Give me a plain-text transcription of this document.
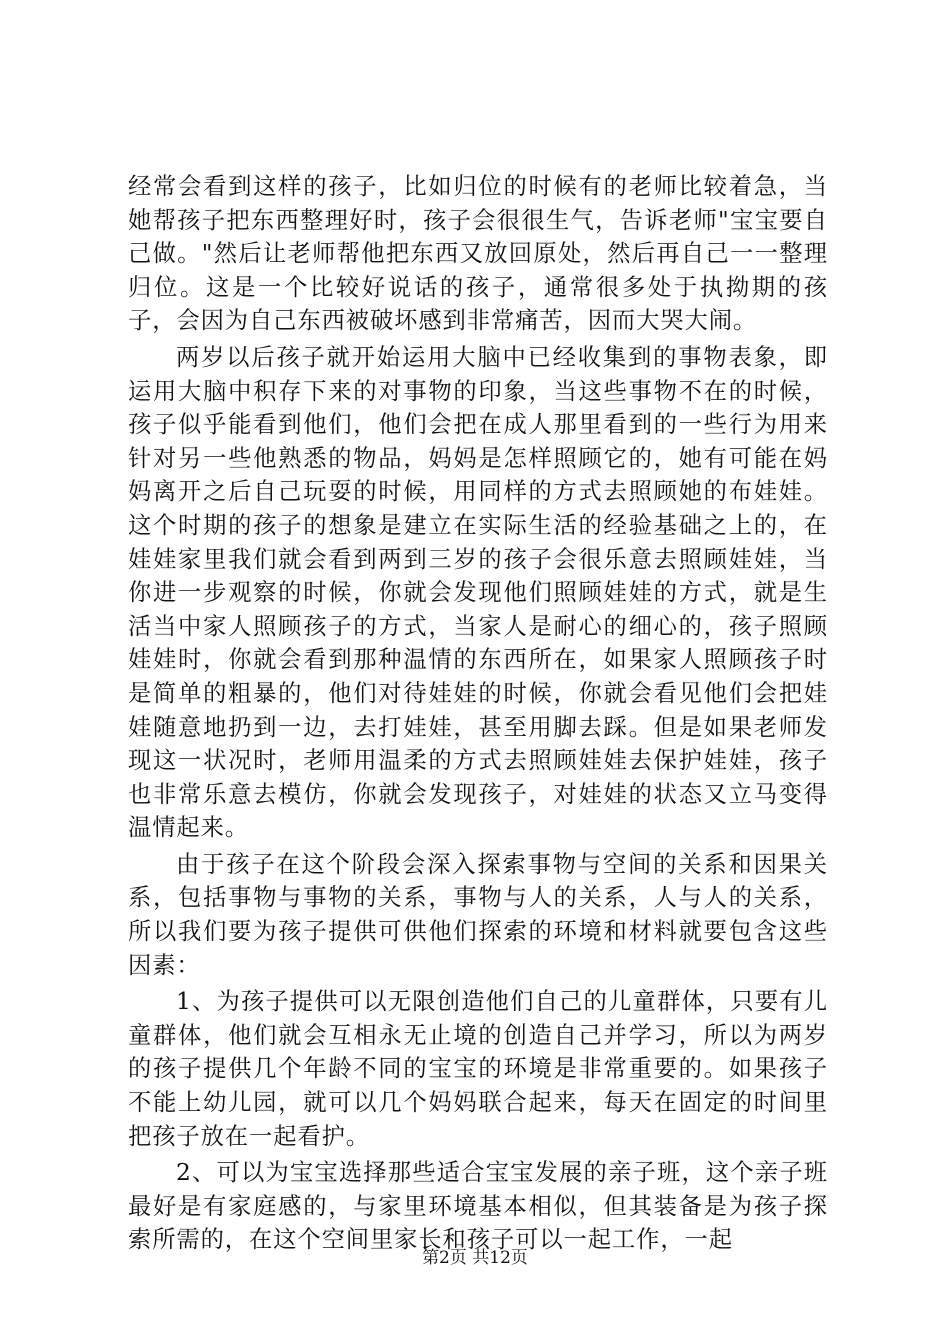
经常会看到这样的孩子，比如归位的时候有的老师比较着急，当她帮孩子把东西整理好时，孩子会很很生气，告诉老师"宝宝要自己做。"然后让老师帮他把东西又放回原处，然后再自己一一整理归位。这是一个比较好说话的孩子，通常很多处于执拗期的孩子，会因为自己东西被破坏感到非常痛苦，因而大哭大闹。

两岁以后孩子就开始运用大脑中已经收集到的事物表象，即运用大脑中积存下来的对事物的印象，当这些事物不在的时候，孩子似乎能看到他们，他们会把在成人那里看到的一些行为用来针对另一些他熟悉的物品，妈妈是怎样照顾它的，她有可能在妈妈离开之后自己玩耍的时候，用同样的方式去照顾她的布娃娃。这个时期的孩子的想象是建立在实际生活的经验基础之上的，在娃娃家里我们就会看到两到三岁的孩子会很乐意去照顾娃娃，当你进一步观察的时候，你就会发现他们照顾娃娃的方式，就是生活当中家人照顾孩子的方式，当家人是耐心的细心的，孩子照顾娃娃时，你就会看到那种温情的东西所在，如果家人照顾孩子时是简单的粗暴的，他们对待娃娃的时候，你就会看见他们会把娃娃随意地扔到一边，去打娃娃，甚至用脚去踩。但是如果老师发现这一状况时，老师用温柔的方式去照顾娃娃去保护娃娃，孩子也非常乐意去模仿，你就会发现孩子，对娃娃的状态又立马变得温情起来。

由于孩子在这个阶段会深入探索事物与空间的关系和因果关系，包括事物与事物的关系，事物与人的关系，人与人的关系，所以我们要为孩子提供可供他们探索的环境和材料就要包含这些因素：

1、为孩子提供可以无限创造他们自己的儿童群体，只要有儿童群体，他们就会互相永无止境的创造自己并学习，所以为两岁的孩子提供几个年龄不同的宝宝的环境是非常重要的。如果孩子不能上幼儿园，就可以几个妈妈联合起来，每天在固定的时间里把孩子放在一起看护。

2、可以为宝宝选择那些适合宝宝发展的亲子班，这个亲子班最好是有家庭感的，与家里环境基本相似，但其装备是为孩子探索所需的，在这个空间里家长和孩子可以一起工作，一起

第2页 共12页
